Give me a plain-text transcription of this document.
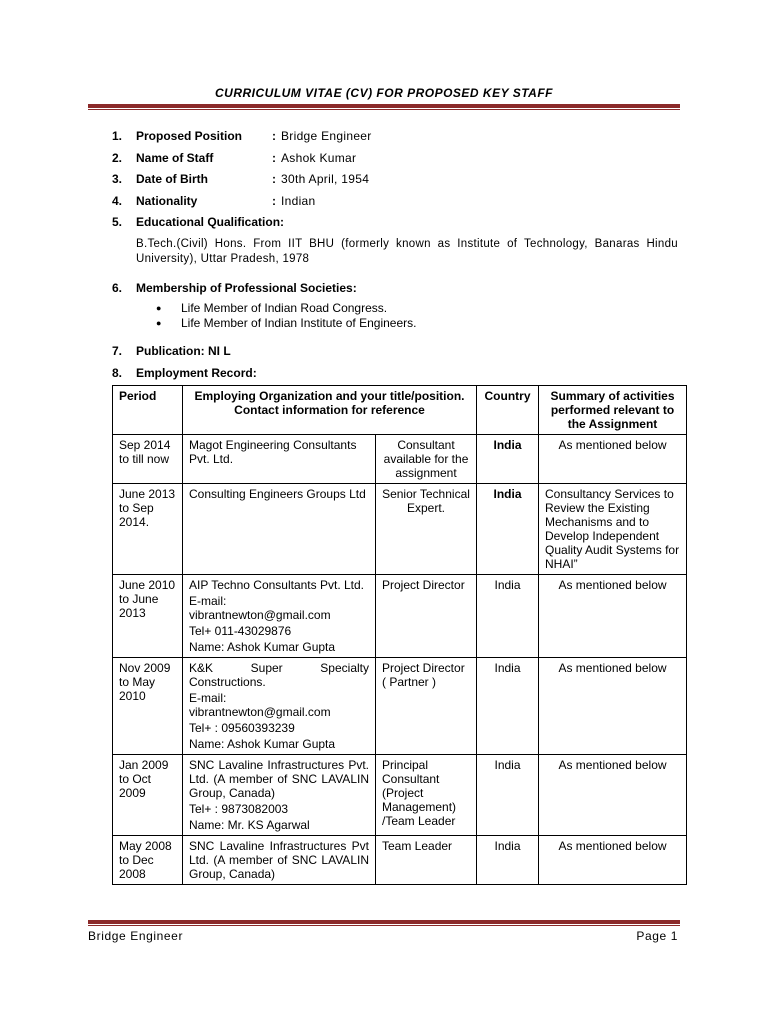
CURRICULUM VITAE (CV) FOR PROPOSED KEY STAFF
1.	Proposed Position	: Bridge Engineer
2.	Name of Staff	: Ashok Kumar
3.	Date of Birth	: 30th April, 1954
4.	Nationality	: Indian
5.	Educational Qualification:
B.Tech.(Civil) Hons. From IIT BHU (formerly known as Institute of Technology, Banaras Hindu University), Uttar Pradesh, 1978
6.	Membership of Professional Societies:
● Life Member of Indian Road Congress.
● Life Member of Indian Institute of Engineers.
7.	Publication: NI L
8.	Employment Record:
Period	Employing Organization and your title/position. Contact information for reference		Country	Summary of activities performed relevant to the Assignment
Sep 2014 to till now	Magot Engineering Consultants Pvt. Ltd.	Consultant available for the assignment	India	As mentioned below
June 2013 to Sep 2014.	Consulting Engineers Groups Ltd	Senior Technical Expert.	India	Consultancy Services to Review the Existing Mechanisms and to Develop Independent Quality Audit Systems for NHAI”
June 2010 to June 2013	AIP Techno Consultants Pvt. Ltd.
E-mail: vibrantnewton@gmail.com
Tel+ 011-43029876
Name: Ashok Kumar Gupta	Project Director	India	As mentioned below
Nov 2009 to May 2010	K&K Super Specialty Constructions.
E-mail: vibrantnewton@gmail.com
Tel+ : 09560393239
Name: Ashok Kumar Gupta	Project Director ( Partner )	India	As mentioned below
Jan 2009 to Oct 2009	SNC Lavaline Infrastructures Pvt. Ltd. (A member of SNC LAVALIN Group, Canada)
Tel+ : 9873082003
Name: Mr. KS Agarwal	Principal Consultant (Project Management) /Team Leader	India	As mentioned below
May 2008 to Dec 2008	SNC Lavaline Infrastructures Pvt Ltd. (A member of SNC LAVALIN Group, Canada)	Team Leader	India	As mentioned below
Bridge Engineer	Page 1
